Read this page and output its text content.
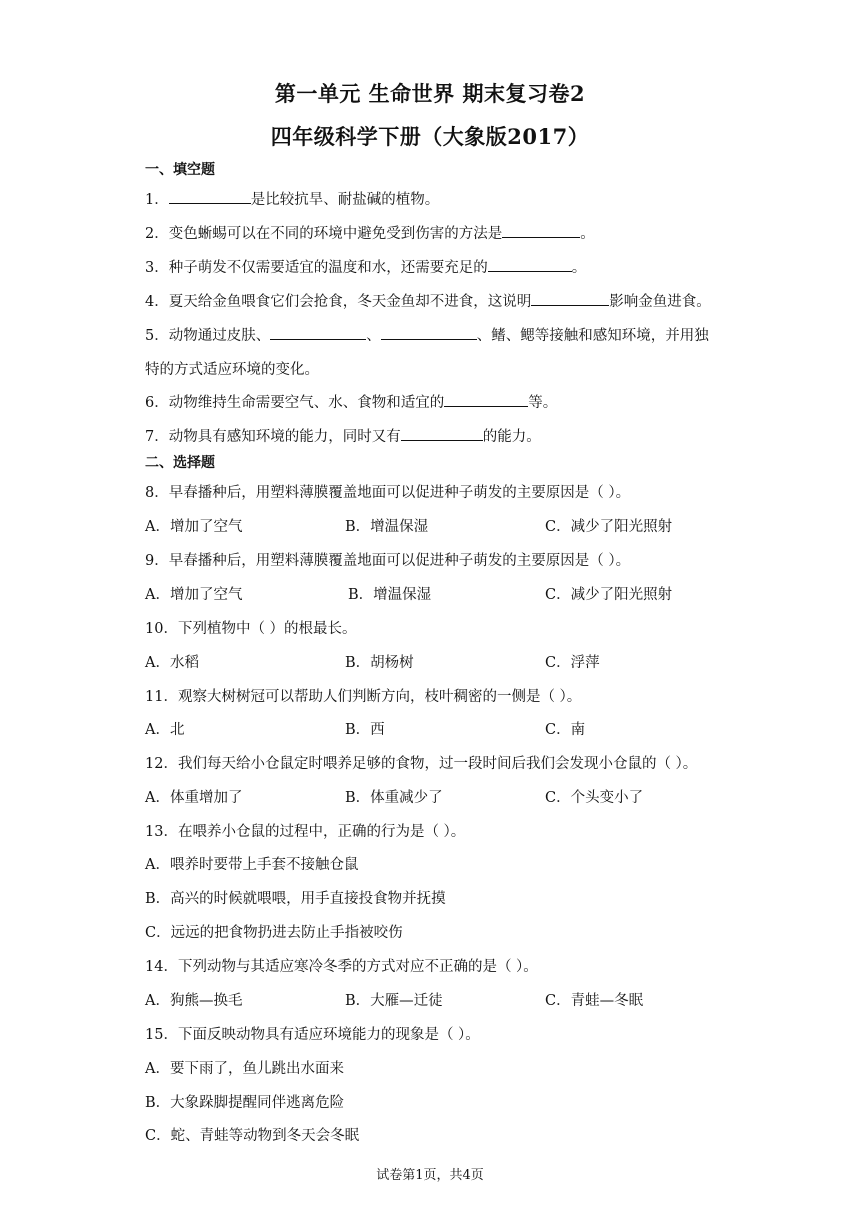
第一单元 生命世界 期末复习卷2
四年级科学下册（大象版2017）
一、填空题
1．	是比较抗旱、耐盐碱的植物。
2．变色蜥蜴可以在不同的环境中避免受到伤害的方法是	。
3．种子萌发不仅需要适宜的温度和水，还需要充足的	。
4．夏天给金鱼喂食它们会抢食，冬天金鱼却不进食，这说明	影响金鱼进食。
5．动物通过皮肤、	、	、鳍、鳃等接触和感知环境，并用独
特的方式适应环境的变化。
6．动物维持生命需要空气、水、食物和适宜的	等。
7．动物具有感知环境的能力，同时又有	的能力。
二、选择题
8．早春播种后，用塑料薄膜覆盖地面可以促进种子萌发的主要原因是（ ）。
A．增加了空气	B．增温保湿	C．减少了阳光照射
9．早春播种后，用塑料薄膜覆盖地面可以促进种子萌发的主要原因是（ ）。
A．增加了空气	B．增温保湿	C．减少了阳光照射
10．下列植物中（ ）的根最长。
A．水稻	B．胡杨树	C．浮萍
11．观察大树树冠可以帮助人们判断方向，枝叶稠密的一侧是（ ）。
A．北	B．西	C．南
12．我们每天给小仓鼠定时喂养足够的食物，过一段时间后我们会发现小仓鼠的（ ）。
A．体重增加了	B．体重减少了	C．个头变小了
13．在喂养小仓鼠的过程中，正确的行为是（ ）。
A．喂养时要带上手套不接触仓鼠
B．高兴的时候就喂喂，用手直接投食物并抚摸
C．远远的把食物扔进去防止手指被咬伤
14．下列动物与其适应寒冷冬季的方式对应不正确的是（ ）。
A．狗熊—换毛	B．大雁—迁徒	C．青蛙—冬眠
15．下面反映动物具有适应环境能力的现象是（ ）。
A．要下雨了，鱼儿跳出水面来
B．大象跺脚提醒同伴逃离危险
C．蛇、青蛙等动物到冬天会冬眠
试卷第1页，共4页
